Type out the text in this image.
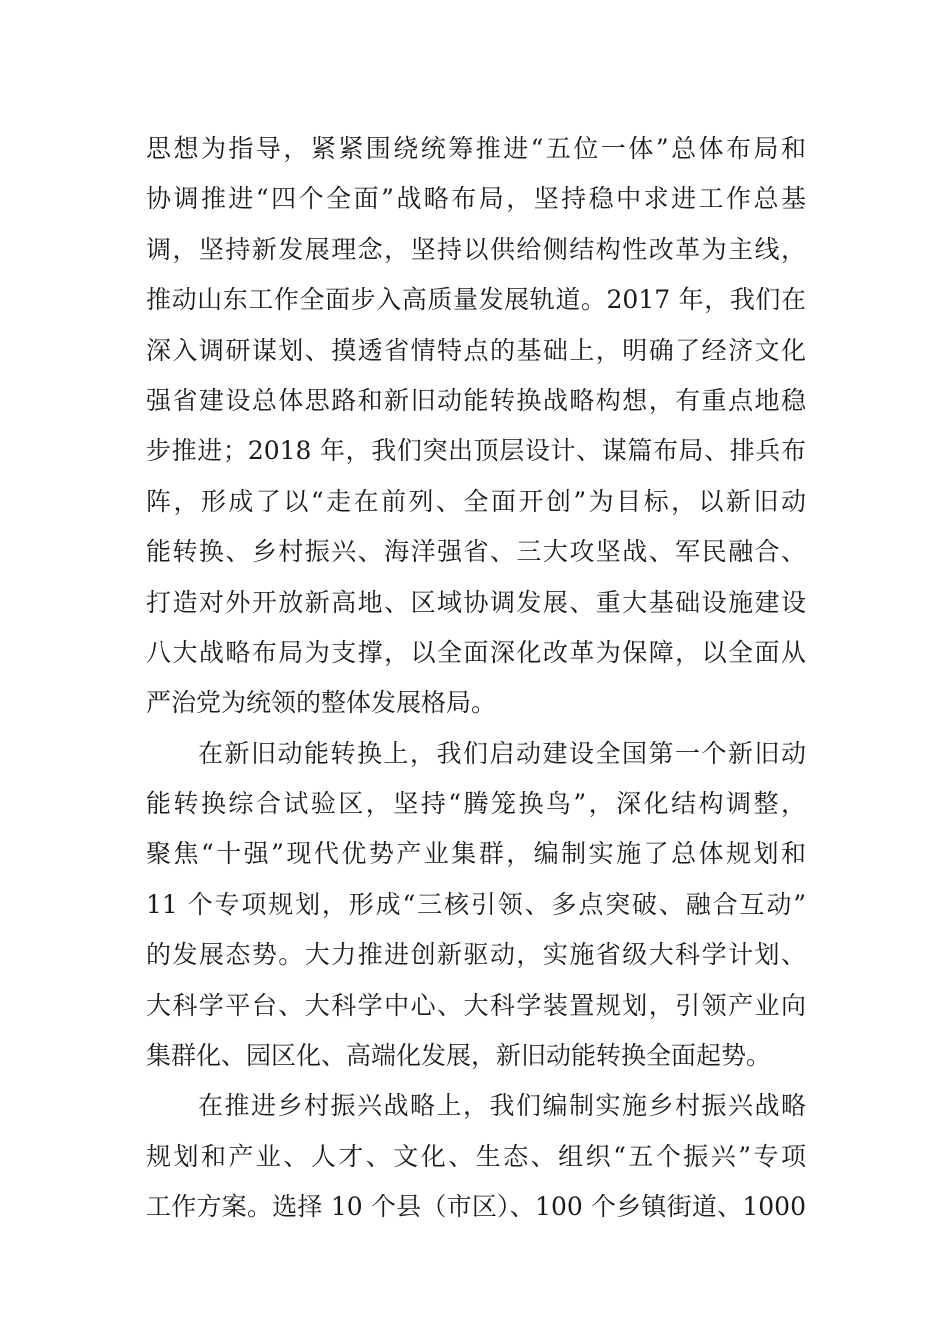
思想为指导，紧紧围绕统筹推进“五位一体”总体布局和
协调推进“四个全面”战略布局，坚持稳中求进工作总基
调，坚持新发展理念，坚持以供给侧结构性改革为主线，
推动山东工作全面步入高质量发展轨道。2017 年，我们在
深入调研谋划、摸透省情特点的基础上，明确了经济文化
强省建设总体思路和新旧动能转换战略构想，有重点地稳
步推进；2018 年，我们突出顶层设计、谋篇布局、排兵布
阵，形成了以“走在前列、全面开创”为目标，以新旧动
能转换、乡村振兴、海洋强省、三大攻坚战、军民融合、
打造对外开放新高地、区域协调发展、重大基础设施建设
八大战略布局为支撑，以全面深化改革为保障，以全面从
严治党为统领的整体发展格局。
在新旧动能转换上，我们启动建设全国第一个新旧动
能转换综合试验区，坚持“腾笼换鸟”，深化结构调整，
聚焦“十强”现代优势产业集群，编制实施了总体规划和
11 个专项规划，形成“三核引领、多点突破、融合互动”
的发展态势。大力推进创新驱动，实施省级大科学计划、
大科学平台、大科学中心、大科学装置规划，引领产业向
集群化、园区化、高端化发展，新旧动能转换全面起势。
在推进乡村振兴战略上，我们编制实施乡村振兴战略
规划和产业、人才、文化、生态、组织“五个振兴”专项
工作方案。选择 10 个县（市区）、100 个乡镇街道、1000
